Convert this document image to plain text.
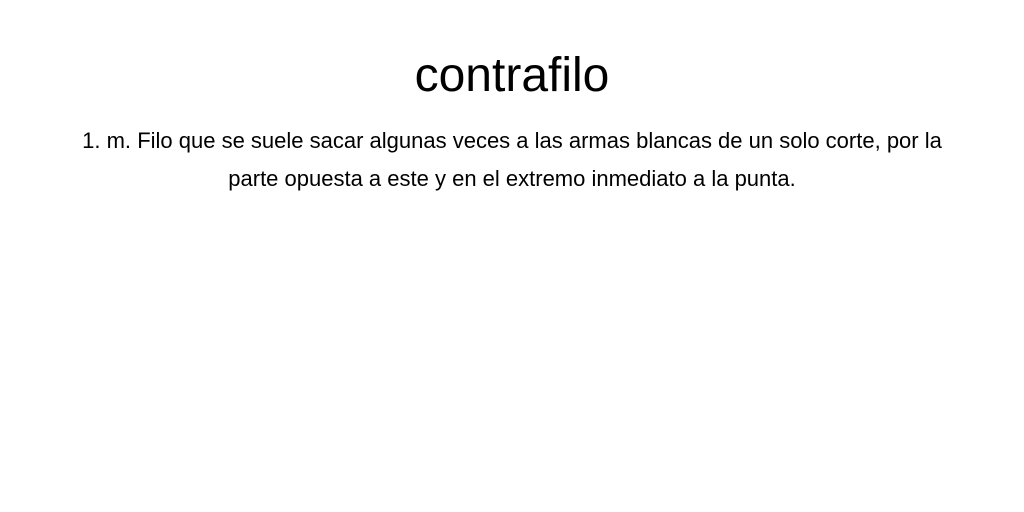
contrafilo

1. m. Filo que se suele sacar algunas veces a las armas blancas de un solo corte, por la parte opuesta a este y en el extremo inmediato a la punta.
